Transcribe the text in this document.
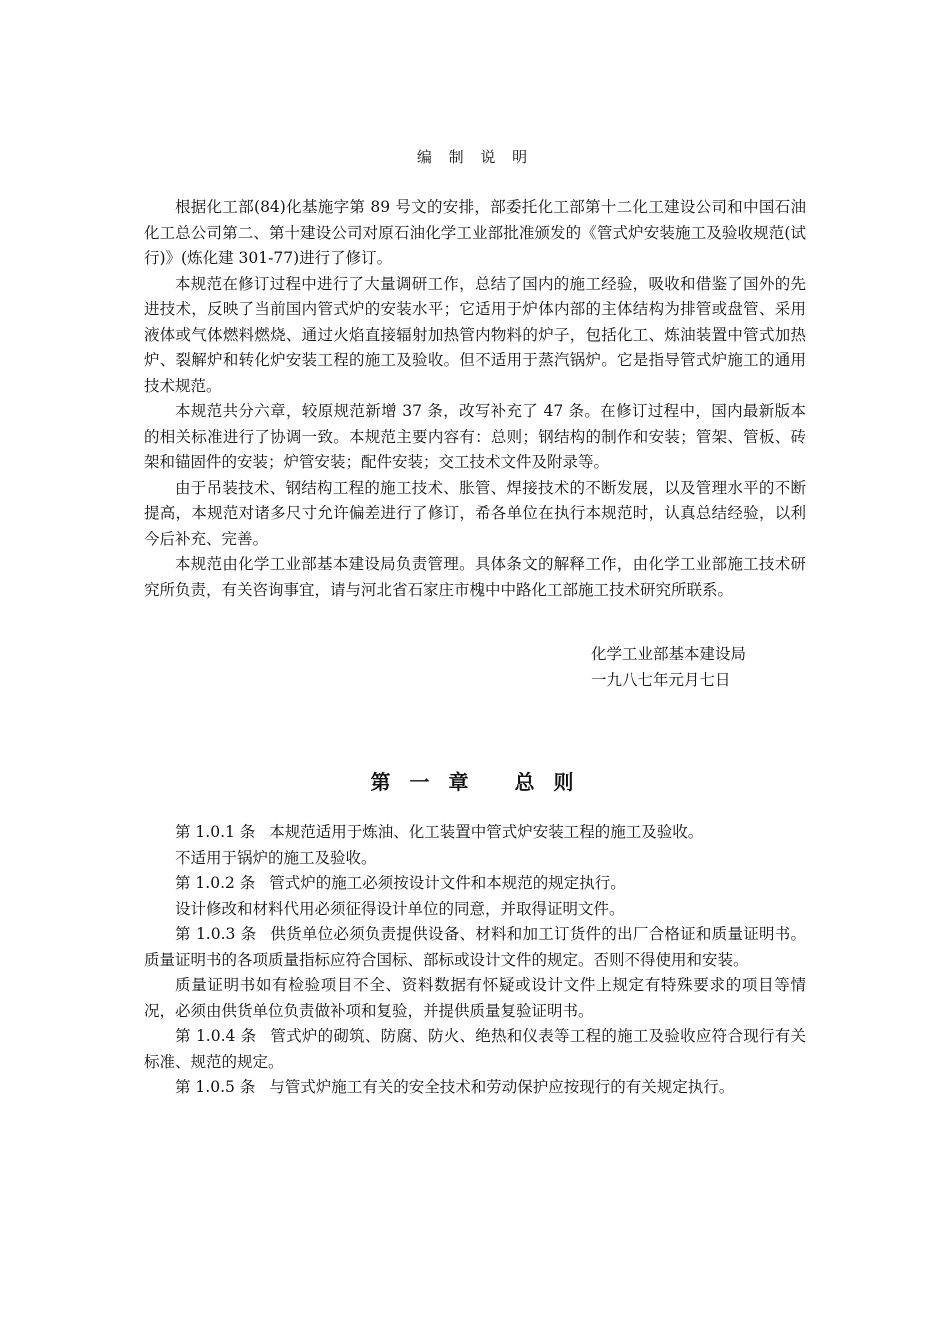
编 制 说 明

根据化工部(84)化基施字第 89 号文的安排，部委托化工部第十二化工建设公司和中国石油化工总公司第二、第十建设公司对原石油化学工业部批准颁发的《管式炉安装施工及验收规范(试行)》(炼化建 301-77)进行了修订。

本规范在修订过程中进行了大量调研工作，总结了国内的施工经验，吸收和借鉴了国外的先进技术，反映了当前国内管式炉的安装水平；它适用于炉体内部的主体结构为排管或盘管、采用液体或气体燃料燃烧、通过火焰直接辐射加热管内物料的炉子，包括化工、炼油装置中管式加热炉、裂解炉和转化炉安装工程的施工及验收。但不适用于蒸汽锅炉。它是指导管式炉施工的通用技术规范。

本规范共分六章，较原规范新增 37 条，改写补充了 47 条。在修订过程中，国内最新版本的相关标准进行了协调一致。本规范主要内容有：总则；钢结构的制作和安装；管架、管板、砖架和锚固件的安装；炉管安装；配件安装；交工技术文件及附录等。

由于吊装技术、钢结构工程的施工技术、胀管、焊接技术的不断发展，以及管理水平的不断提高，本规范对诸多尺寸允许偏差进行了修订，希各单位在执行本规范时，认真总结经验，以利今后补充、完善。

本规范由化学工业部基本建设局负责管理。具体条文的解释工作，由化学工业部施工技术研究所负责，有关咨询事宜，请与河北省石家庄市槐中中路化工部施工技术研究所联系。

化学工业部基本建设局
一九八七年元月七日
第 一 章 总 则

第 1.0.1 条 本规范适用于炼油、化工装置中管式炉安装工程的施工及验收。

不适用于锅炉的施工及验收。

第 1.0.2 条 管式炉的施工必须按设计文件和本规范的规定执行。

设计修改和材料代用必须征得设计单位的同意，并取得证明文件。

第 1.0.3 条 供货单位必须负责提供设备、材料和加工订货件的出厂合格证和质量证明书。质量证明书的各项质量指标应符合国标、部标或设计文件的规定。否则不得使用和安装。

质量证明书如有检验项目不全、资料数据有怀疑或设计文件上规定有特殊要求的项目等情况，必须由供货单位负责做补项和复验，并提供质量复验证明书。

第 1.0.4 条 管式炉的砌筑、防腐、防火、绝热和仪表等工程的施工及验收应符合现行有关标准、规范的规定。

第 1.0.5 条 与管式炉施工有关的安全技术和劳动保护应按现行的有关规定执行。
